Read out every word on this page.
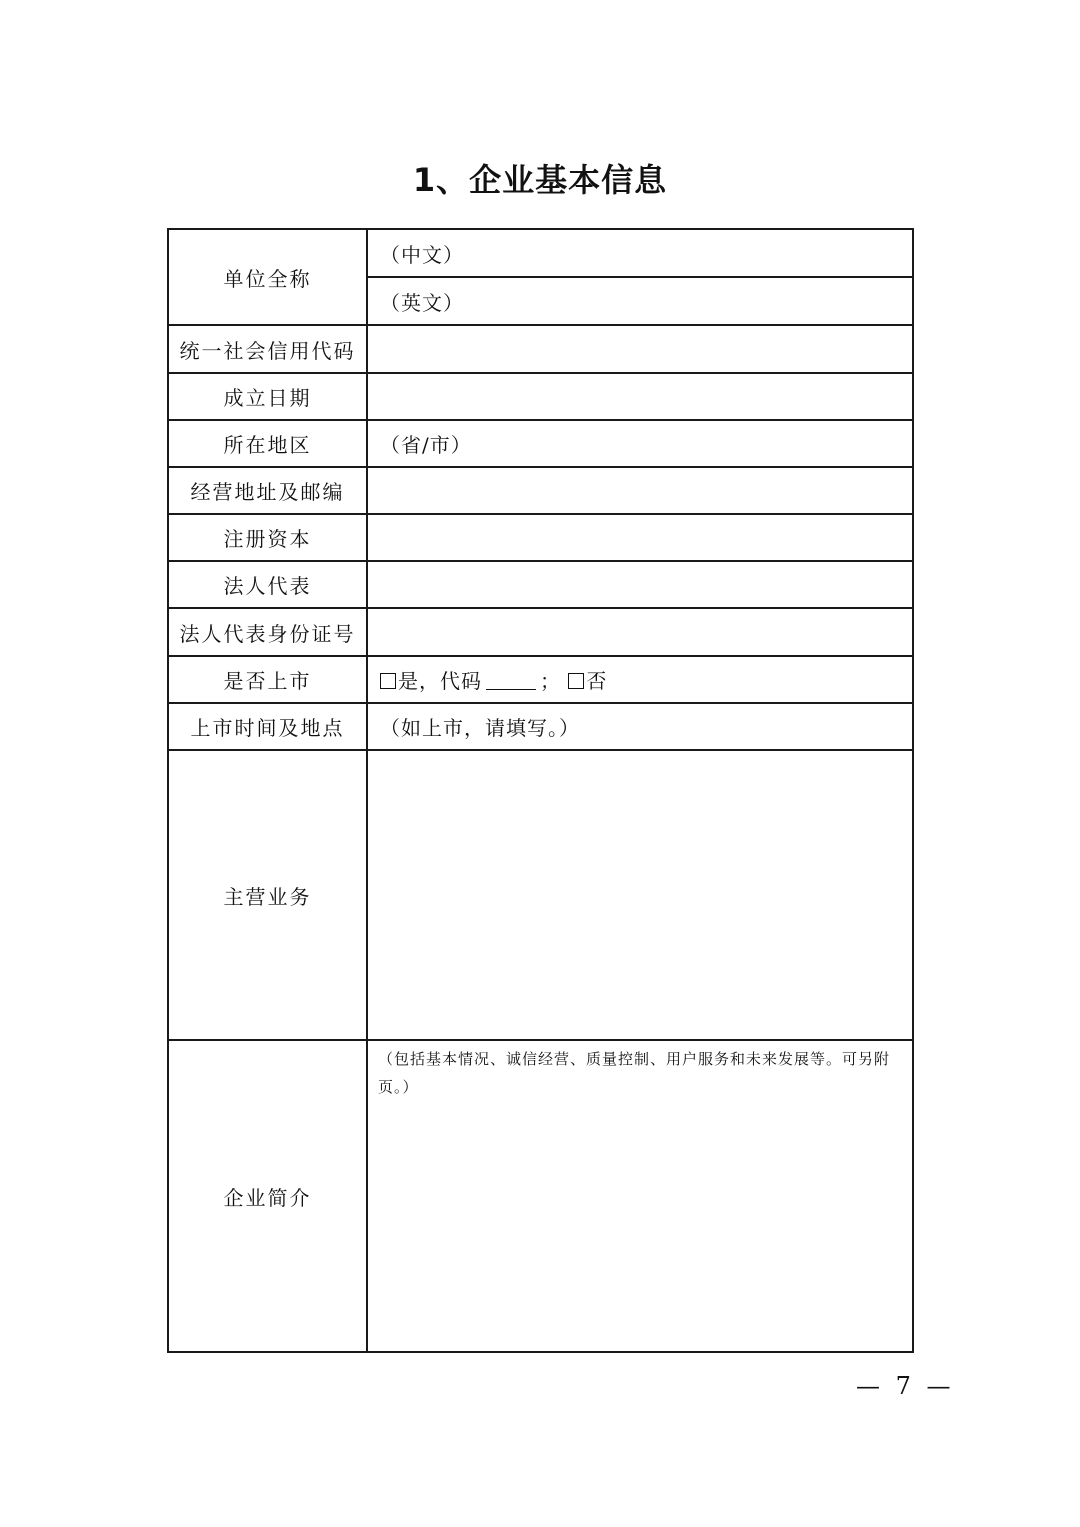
1、企业基本信息
单位全称	（中文）
	（英文）
统一社会信用代码	
成立日期	
所在地区	（省/市）
经营地址及邮编	
注册资本	
法人代表	
法人代表身份证号	
是否上市	是，代码 ； 否
上市时间及地点	（如上市，请填写。）
主营业务	
企业简介	（包括基本情况、诚信经营、质量控制、用户服务和未来发展等。可另附页。）
— 7 —
